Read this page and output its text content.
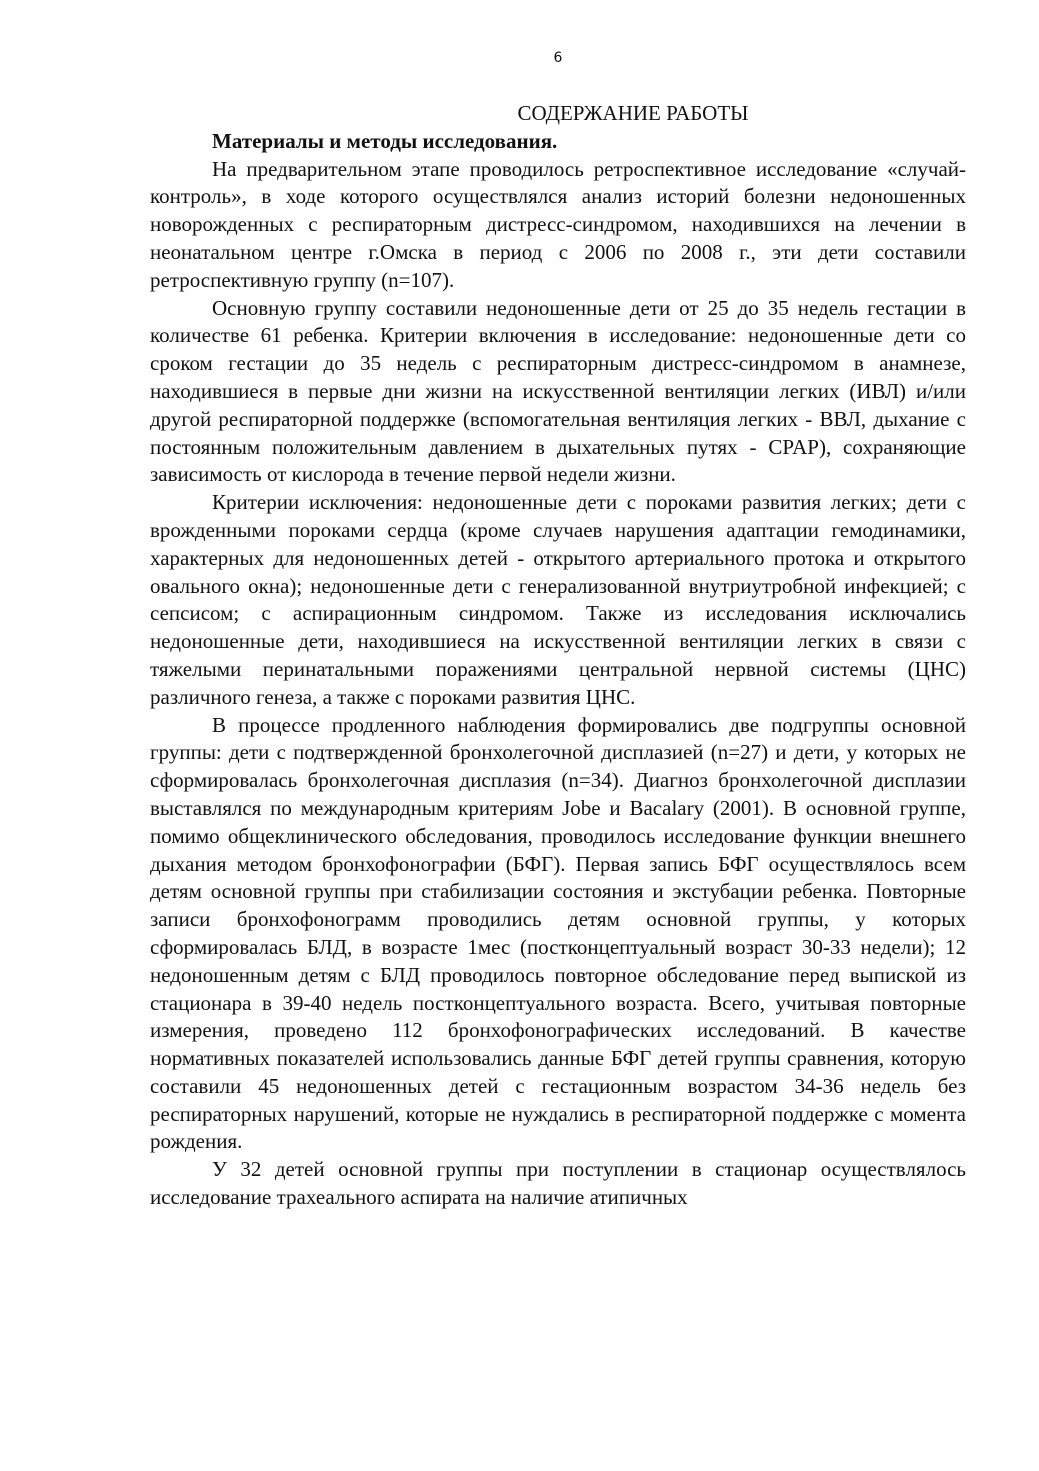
6
СОДЕРЖАНИЕ РАБОТЫ
Материалы и методы исследования.

На предварительном этапе проводилось ретроспективное исследование «случай-контроль», в ходе которого осуществлялся анализ историй болезни недоношенных новорожденных с респираторным дистресс-синдромом, находившихся на лечении в неонатальном центре г.Омска в период с 2006 по 2008 г., эти дети составили ретроспективную группу (n=107).

Основную группу составили недоношенные дети от 25 до 35 недель гестации в количестве 61 ребенка. Критерии включения в исследование: недоношенные дети со сроком гестации до 35 недель с респираторным дистресс-синдромом в анамнезе, находившиеся в первые дни жизни на искусственной вентиляции легких (ИВЛ) и/или другой респираторной поддержке (вспомогательная вентиляция легких - ВВЛ, дыхание с постоянным положительным давлением в дыхательных путях - CPAP), сохраняющие зависимость от кислорода в течение первой недели жизни.

Критерии исключения: недоношенные дети с пороками развития легких; дети с врожденными пороками сердца (кроме случаев нарушения адаптации гемодинамики, характерных для недоношенных детей - открытого артериального протока и открытого овального окна); недоношенные дети с генерализованной внутриутробной инфекцией; с сепсисом; с аспирационным синдромом. Также из исследования исключались недоношенные дети, находившиеся на искусственной вентиляции легких в связи с тяжелыми перинатальными поражениями центральной нервной системы (ЦНС) различного генеза, а также с пороками развития ЦНС.

В процессе продленного наблюдения формировались две подгруппы основной группы: дети с подтвержденной бронхолегочной дисплазией (n=27) и дети, у которых не сформировалась бронхолегочная дисплазия (n=34). Диагноз бронхолегочной дисплазии выставлялся по международным критериям Jobe и Bacalary (2001). В основной группе, помимо общеклинического обследования, проводилось исследование функции внешнего дыхания методом бронхофонографии (БФГ). Первая запись БФГ осуществлялось всем детям основной группы при стабилизации состояния и экстубации ребенка. Повторные записи бронхофонограмм проводились детям основной группы, у которых сформировалась БЛД, в возрасте 1мес (постконцептуальный возраст 30-33 недели); 12 недоношенным детям с БЛД проводилось повторное обследование перед выпиской из стационара в 39-40 недель постконцептуального возраста. Всего, учитывая повторные измерения, проведено 112 бронхофонографических исследований. В качестве нормативных показателей использовались данные БФГ детей группы сравнения, которую составили 45 недоношенных детей с гестационным возрастом 34-36 недель без респираторных нарушений, которые не нуждались в респираторной поддержке с момента рождения.

У 32 детей основной группы при поступлении в стационар осуществлялось исследование трахеального аспирата на наличие атипичных
